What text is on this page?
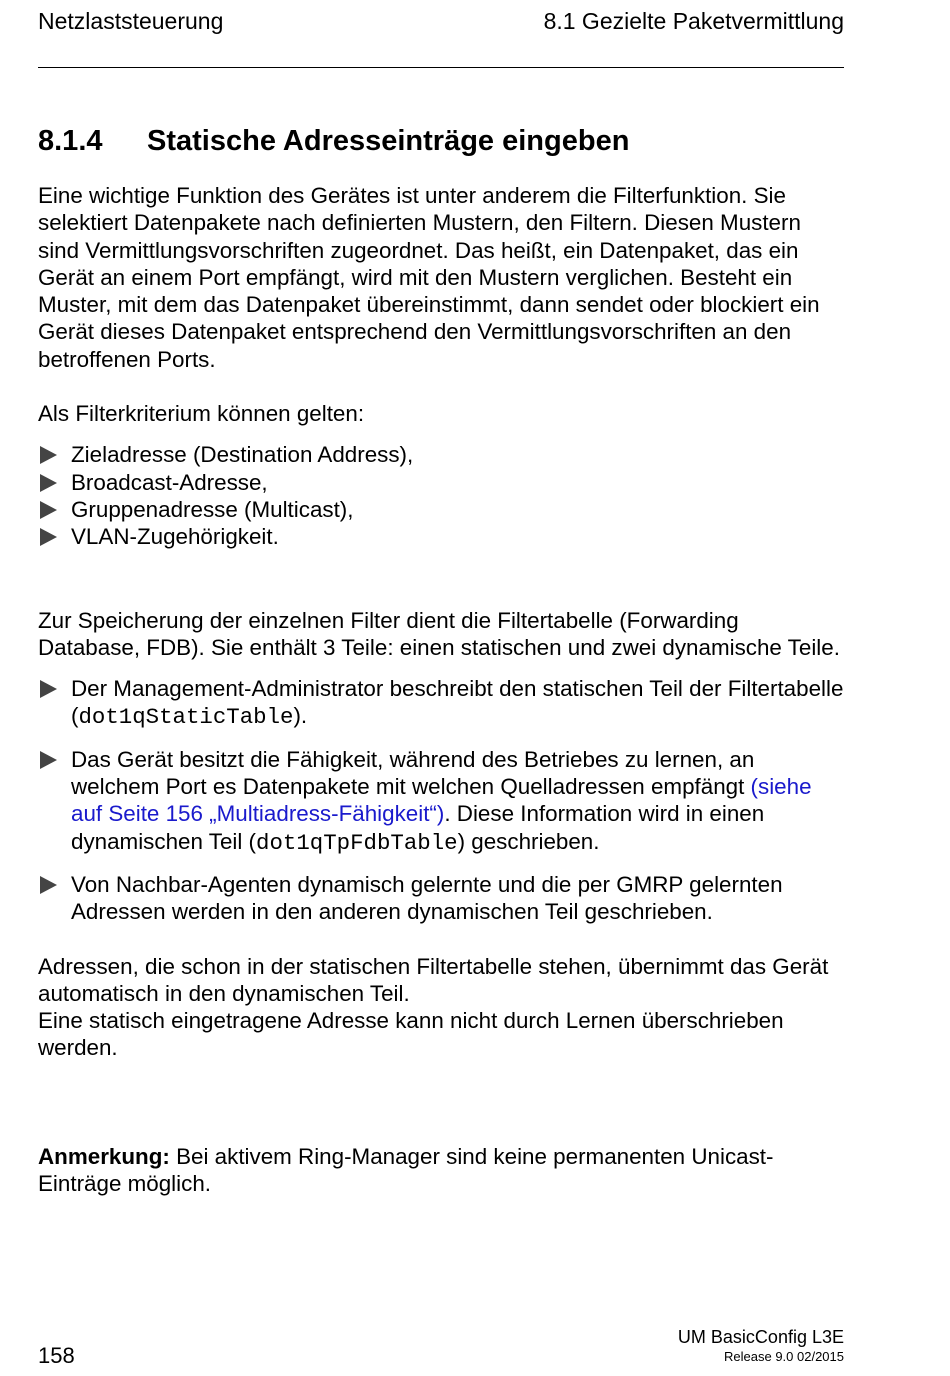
Netzlaststeuerung	8.1 Gezielte Paketvermittlung
8.1.4	Statische Adresseinträge eingeben

Eine wichtige Funktion des Gerätes ist unter anderem die Filterfunktion. Sie selektiert Datenpakete nach definierten Mustern, den Filtern. Diesen Mustern sind Vermittlungsvorschriften zugeordnet. Das heißt, ein Datenpaket, das ein Gerät an einem Port empfängt, wird mit den Mustern verglichen. Besteht ein Muster, mit dem das Datenpaket übereinstimmt, dann sendet oder blockiert ein Gerät dieses Datenpaket entsprechend den Vermittlungsvorschriften an den betroffenen Ports.

Als Filterkriterium können gelten:

Zieladresse (Destination Address),
Broadcast-Adresse,
Gruppenadresse (Multicast),
VLAN-Zugehörigkeit.

Zur Speicherung der einzelnen Filter dient die Filtertabelle (Forwarding Database, FDB). Sie enthält 3 Teile: einen statischen und zwei dynamische Teile.

Der Management-Administrator beschreibt den statischen Teil der Filtertabelle (dot1qStaticTable).
Das Gerät besitzt die Fähigkeit, während des Betriebes zu lernen, an welchem Port es Datenpakete mit welchen Quelladressen empfängt (siehe auf Seite 156 „Multiadress-Fähigkeit“). Diese Information wird in einen dynamischen Teil (dot1qTpFdbTable) geschrieben.
Von Nachbar-Agenten dynamisch gelernte und die per GMRP gelernten Adressen werden in den anderen dynamischen Teil geschrieben.

Adressen, die schon in der statischen Filtertabelle stehen, übernimmt das Gerät automatisch in den dynamischen Teil.

Eine statisch eingetragene Adresse kann nicht durch Lernen überschrieben werden.

Anmerkung: Bei aktivem Ring-Manager sind keine permanenten Unicast-Einträge möglich.

158
UM BasicConfig L3E
Release 9.0 02/2015
